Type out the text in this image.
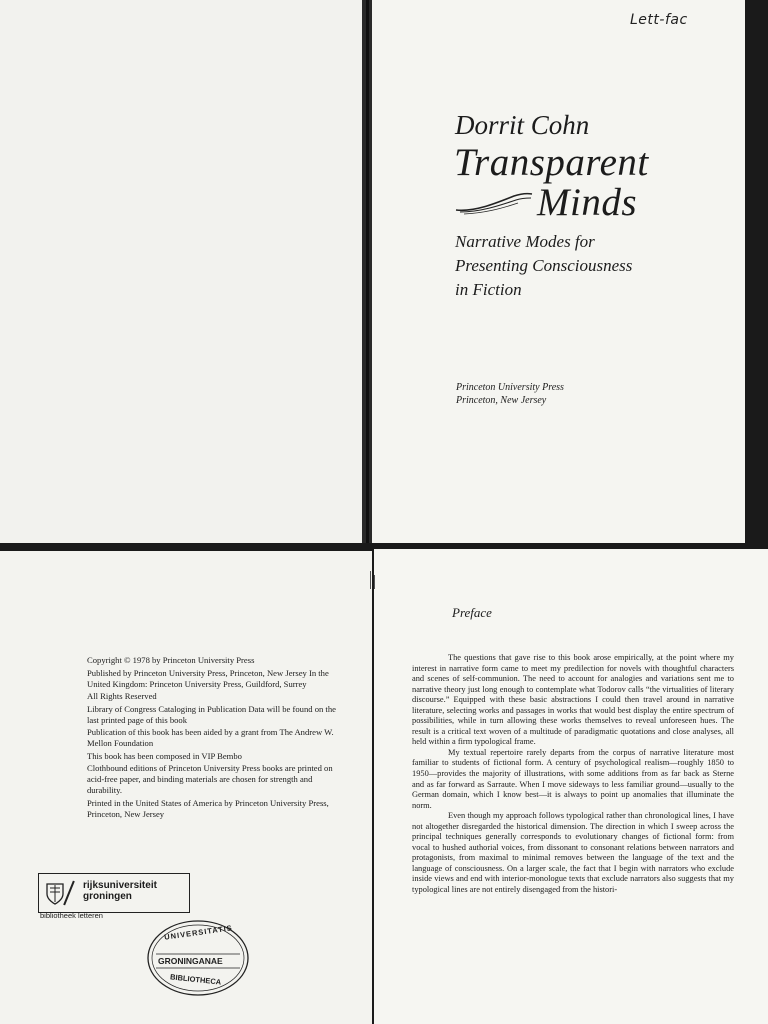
Lett-fac
Dorrit Cohn
Transparent
Minds
Narrative Modes for
Presenting Consciousness
in Fiction
Princeton University Press
Princeton, New Jersey

Copyright © 1978 by Princeton University Press

Published by Princeton University Press, Princeton, New Jersey In the United Kingdom: Princeton University Press, Guildford, Surrey

All Rights Reserved

Library of Congress Cataloging in Publication Data will be found on the last printed page of this book

Publication of this book has been aided by a grant from The Andrew W. Mellon Foundation

This book has been composed in VIP Bembo

Clothbound editions of Princeton University Press books are printed on acid-free paper, and binding materials are chosen for strength and durability.

Printed in the United States of America by Princeton University Press, Princeton, New Jersey

rijksuniversiteit
groningen
bibliotheek letteren
UNIVERSITATIS
GRONINGANAE
BIBLIOTHECA
Preface

The questions that gave rise to this book arose empirically, at the point where my interest in narrative form came to meet my predilection for novels with thoughtful characters and scenes of self-communion. The need to account for analogies and variations sent me to narrative theory just long enough to contemplate what Todorov calls “the virtualities of literary discourse.” Equipped with these basic abstractions I could then travel around in narrative literature, selecting works and passages in works that would best display the entire spectrum of possibilities, while in turn allowing these works themselves to reveal unforeseen hues. The result is a critical text woven of a multitude of paradigmatic quotations and close analyses, all held within a firm typological frame.

My textual repertoire rarely departs from the corpus of narrative literature most familiar to students of fictional form. A century of psychological realism—roughly 1850 to 1950—provides the majority of illustrations, with some additions from as far back as Sterne and as far forward as Sarraute. When I move sideways to less familiar ground—usually to the German domain, which I know best—it is always to point up anomalies that illuminate the norm.

Even though my approach follows typological rather than chronological lines, I have not altogether disregarded the historical dimension. The direction in which I sweep across the principal techniques generally corresponds to evolutionary changes of fictional form: from vocal to hushed authorial voices, from dissonant to consonant relations between narrators and protagonists, from maximal to minimal removes between the language of the text and the language of consciousness. On a larger scale, the fact that I begin with narrators who exclude inside views and end with interior-monologue texts that exclude narrators also suggests that my typological lines are not entirely disengaged from the histori-
